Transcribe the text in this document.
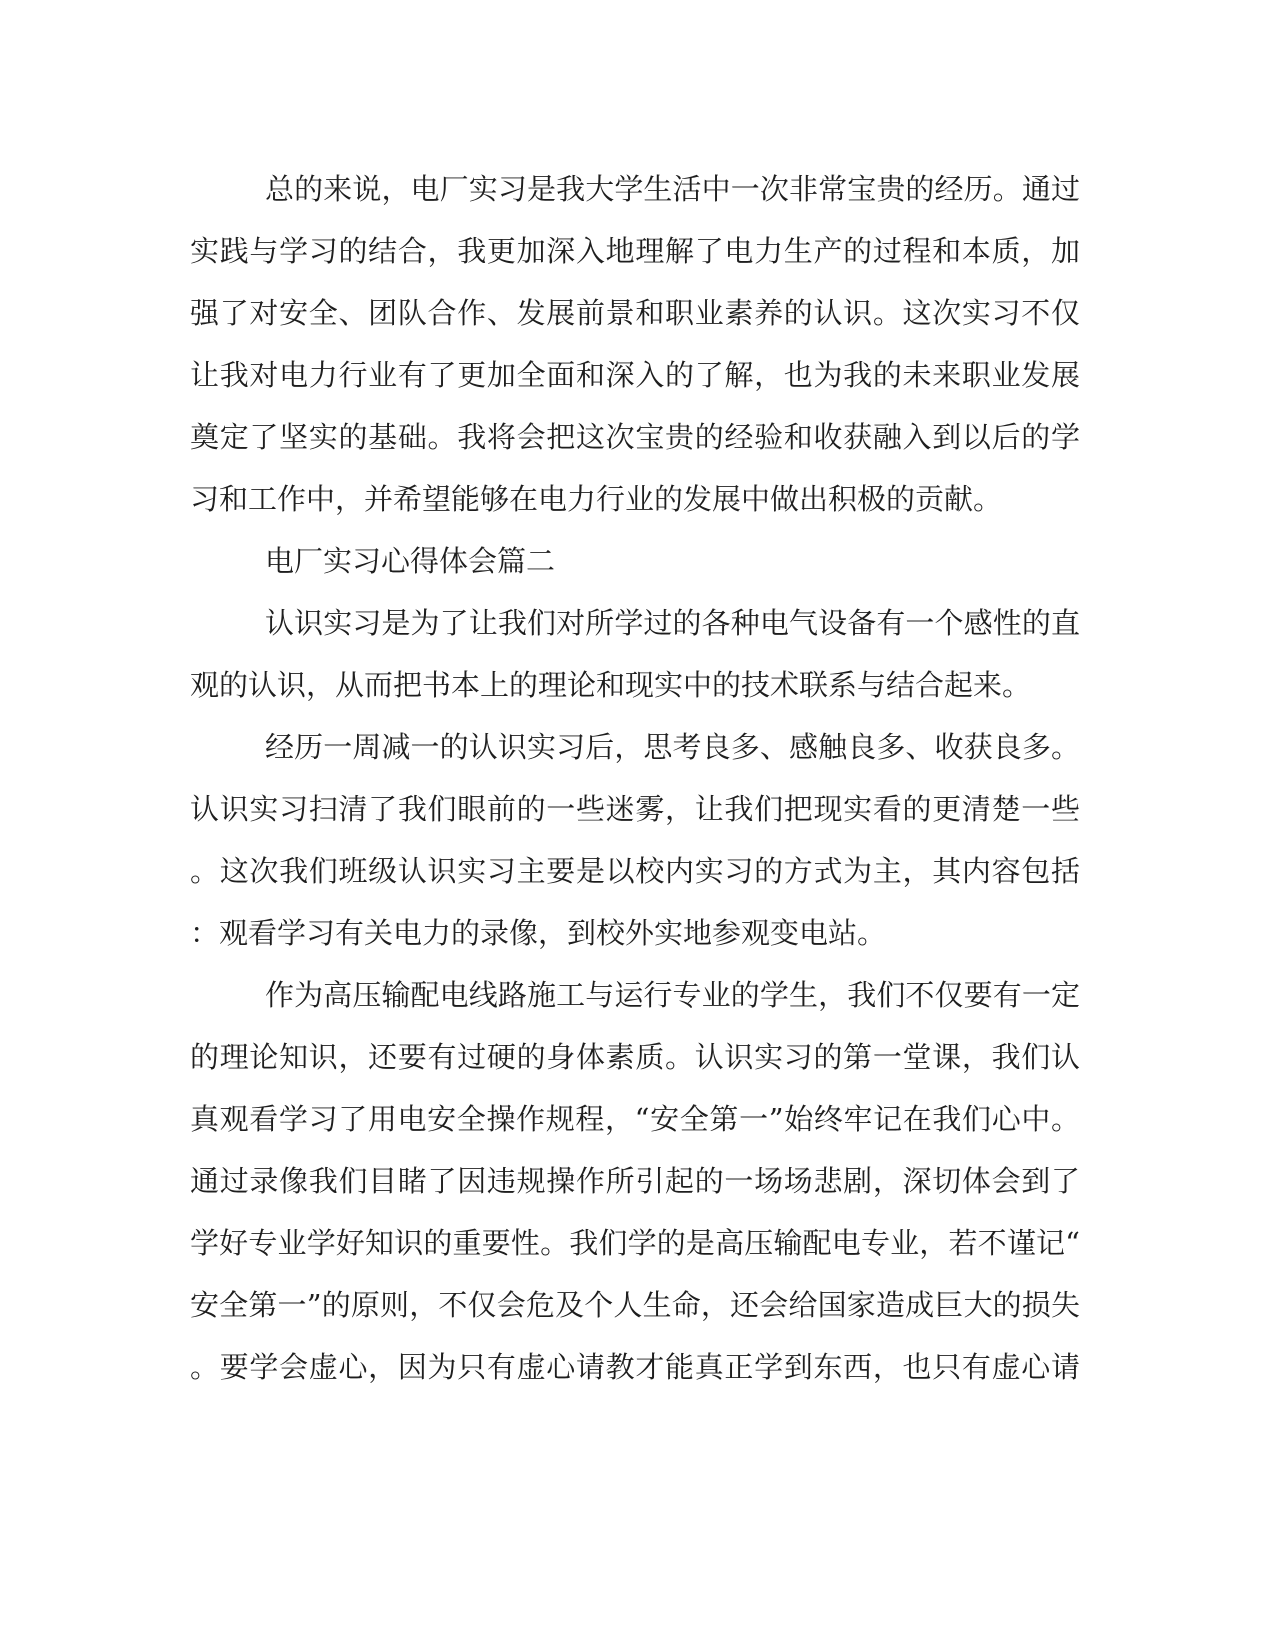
总的来说，电厂实习是我大学生活中一次非常宝贵的经历。通过
实践与学习的结合，我更加深入地理解了电力生产的过程和本质，加
强了对安全、团队合作、发展前景和职业素养的认识。这次实习不仅
让我对电力行业有了更加全面和深入的了解，也为我的未来职业发展
奠定了坚实的基础。我将会把这次宝贵的经验和收获融入到以后的学
习和工作中，并希望能够在电力行业的发展中做出积极的贡献。
电厂实习心得体会篇二
认识实习是为了让我们对所学过的各种电气设备有一个感性的直
观的认识，从而把书本上的理论和现实中的技术联系与结合起来。
经历一周减一的认识实习后，思考良多、感触良多、收获良多。
认识实习扫清了我们眼前的一些迷雾，让我们把现实看的更清楚一些
。这次我们班级认识实习主要是以校内实习的方式为主，其内容包括
：观看学习有关电力的录像，到校外实地参观变电站。
作为高压输配电线路施工与运行专业的学生，我们不仅要有一定
的理论知识，还要有过硬的身体素质。认识实习的第一堂课，我们认
真观看学习了用电安全操作规程，“安全第一”始终牢记在我们心中。
通过录像我们目睹了因违规操作所引起的一场场悲剧，深切体会到了
学好专业学好知识的重要性。我们学的是高压输配电专业，若不谨记“
安全第一”的原则，不仅会危及个人生命，还会给国家造成巨大的损失
。要学会虚心，因为只有虚心请教才能真正学到东西，也只有虚心请
